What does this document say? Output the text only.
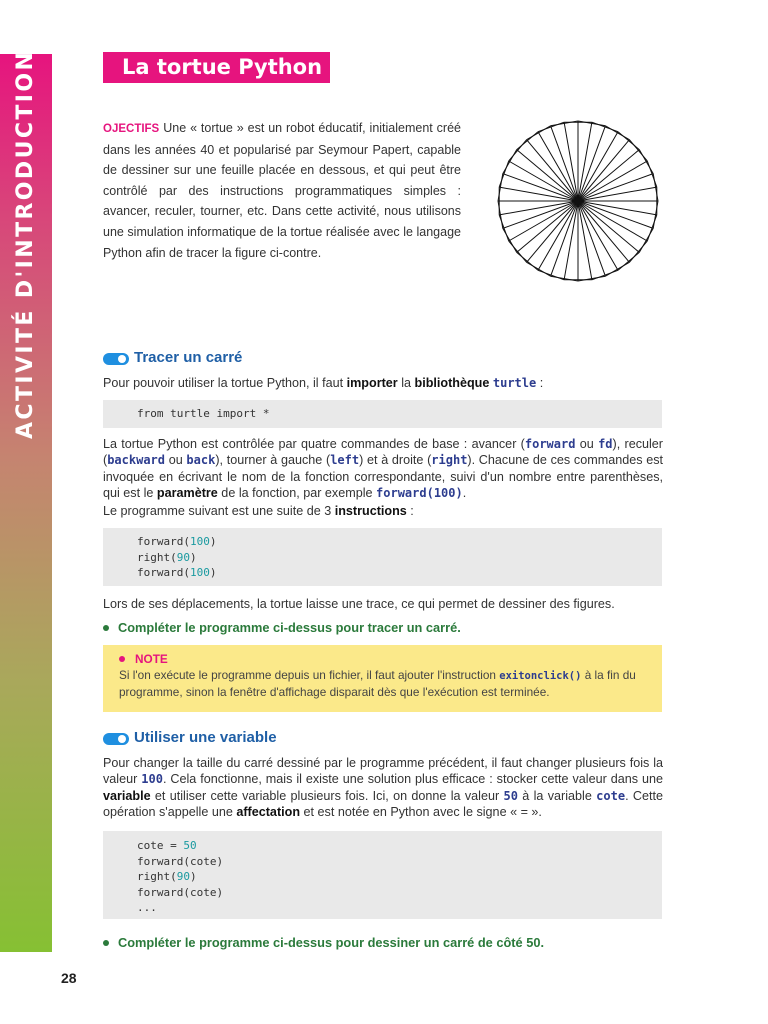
ACTIVITÉ D'INTRODUCTION	La tortue Python
OJECTIFS Une « tortue » est un robot éducatif, initialement créé dans les années 40 et popularisé par Seymour Papert, capable de dessiner sur une feuille placée en dessous, et qui peut être contrôlé par des instructions programmatiques simples : avancer, reculer, tourner, etc. Dans cette activité, nous utilisons une simulation informatique de la tortue réalisée avec le langage Python afin de tracer la figure ci-contre.
Tracer un carré
Pour pouvoir utiliser la tortue Python, il faut importer la bibliothèque turtle :
from turtle import *
La tortue Python est contrôlée par quatre commandes de base : avancer (forward ou fd), reculer (backward ou back), tourner à gauche (left) et à droite (right). Chacune de ces commandes est invoquée en écrivant le nom de la fonction correspondante, suivi d'un nombre entre parenthèses, qui est le paramètre de la fonction, par exemple forward(100).
Le programme suivant est une suite de 3 instructions :
forward(100)
right(90)
forward(100)
Lors de ses déplacements, la tortue laisse une trace, ce qui permet de dessiner des figures.
Compléter le programme ci-dessus pour tracer un carré.
NOTE
Si l'on exécute le programme depuis un fichier, il faut ajouter l'instruction exitonclick() à la fin du programme, sinon la fenêtre d'affichage disparait dès que l'exécution est terminée.
Utiliser une variable
Pour changer la taille du carré dessiné par le programme précédent, il faut changer plusieurs fois la valeur 100. Cela fonctionne, mais il existe une solution plus efficace : stocker cette valeur dans une variable et utiliser cette variable plusieurs fois. Ici, on donne la valeur 50 à la variable cote. Cette opération s'appelle une affectation et est notée en Python avec le signe « = ».
cote = 50
forward(cote)
right(90)
forward(cote)
...
Compléter le programme ci-dessus pour dessiner un carré de côté 50.
28
